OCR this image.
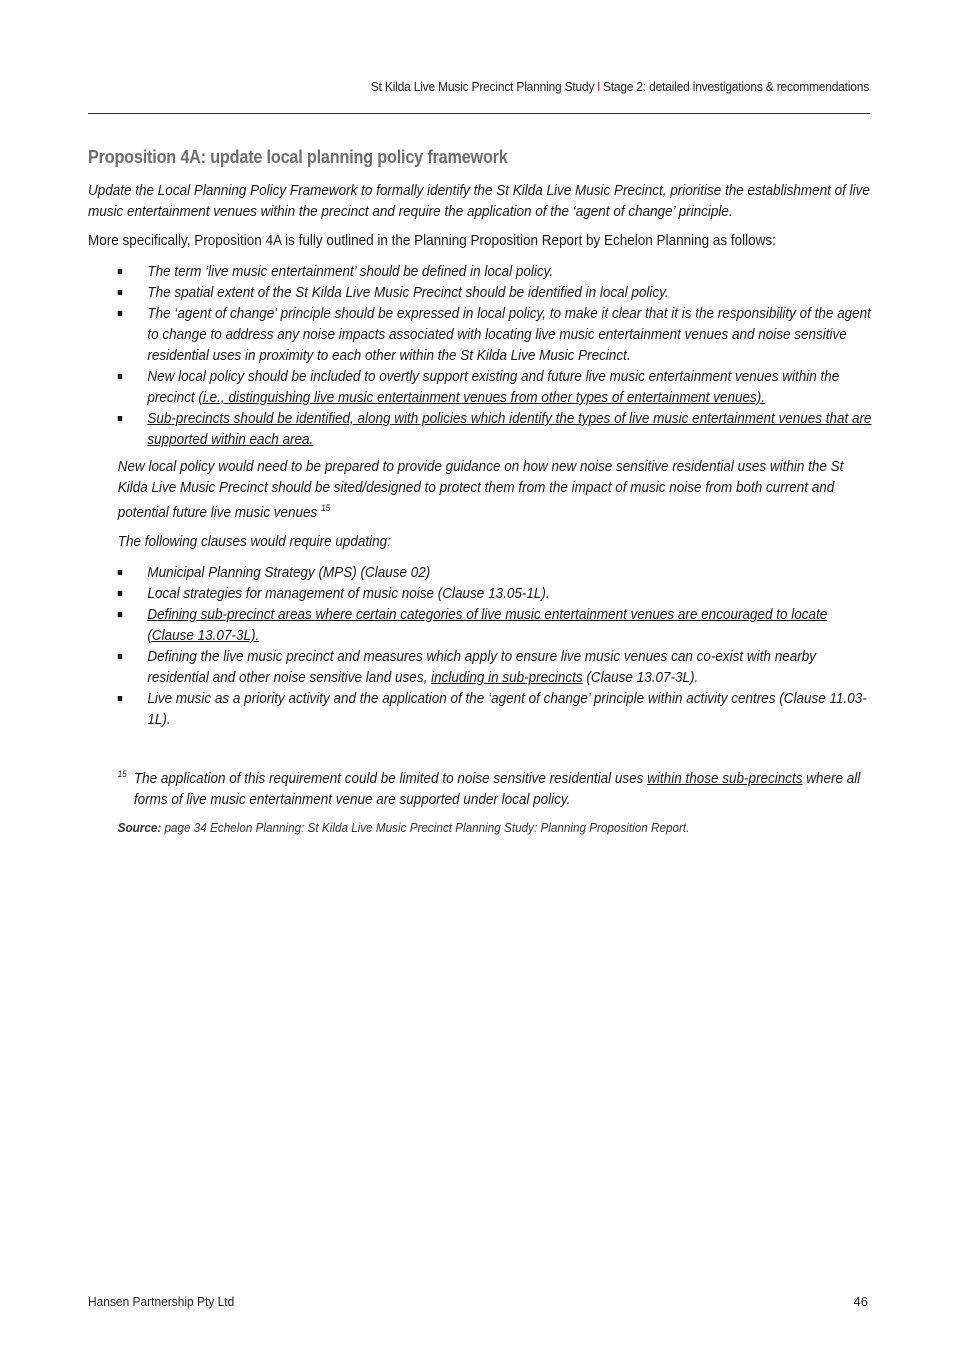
St Kilda Live Music Precinct Planning Study I Stage 2: detailed investigations & recommendations
Proposition 4A: update local planning policy framework

Update the Local Planning Policy Framework to formally identify the St Kilda Live Music Precinct, prioritise the establishment of live music entertainment venues within the precinct and require the application of the ‘agent of change’ principle.

More specifically, Proposition 4A is fully outlined in the Planning Proposition Report by Echelon Planning as follows:

The term ‘live music entertainment’ should be defined in local policy.
The spatial extent of the St Kilda Live Music Precinct should be identified in local policy.
The ‘agent of change' principle should be expressed in local policy, to make it clear that it is the responsibility of the agent to change to address any noise impacts associated with locating live music entertainment venues and noise sensitive residential uses in proximity to each other within the St Kilda Live Music Precinct.
New local policy should be included to overtly support existing and future live music entertainment venues within the precinct (i.e., distinguishing live music entertainment venues from other types of entertainment venues).
Sub-precincts should be identified, along with policies which identify the types of live music entertainment venues that are supported within each area.

New local policy would need to be prepared to provide guidance on how new noise sensitive residential uses within the St Kilda Live Music Precinct should be sited/designed to protect them from the impact of music noise from both current and potential future live music venues $^{15}$

The following clauses would require updating:

Municipal Planning Strategy (MPS) (Clause 02)
Local strategies for management of music noise (Clause 13.05-1L).
Defining sub-precinct areas where certain categories of live music entertainment venues are encouraged to locate (Clause 13.07-3L).
Defining the live music precinct and measures which apply to ensure live music venues can co-exist with nearby residential and other noise sensitive land uses, including in sub-precincts (Clause 13.07-3L).
Live music as a priority activity and the application of the ‘agent of change’ principle within activity centres (Clause 11.03-1L).

15 The application of this requirement could be limited to noise sensitive residential uses within those sub-precincts where all forms of live music entertainment venue are supported under local policy.

Source: page 34 Echelon Planning: St Kilda Live Music Precinct Planning Study: Planning Proposition Report.

Hansen Partnership Pty Ltd	46
